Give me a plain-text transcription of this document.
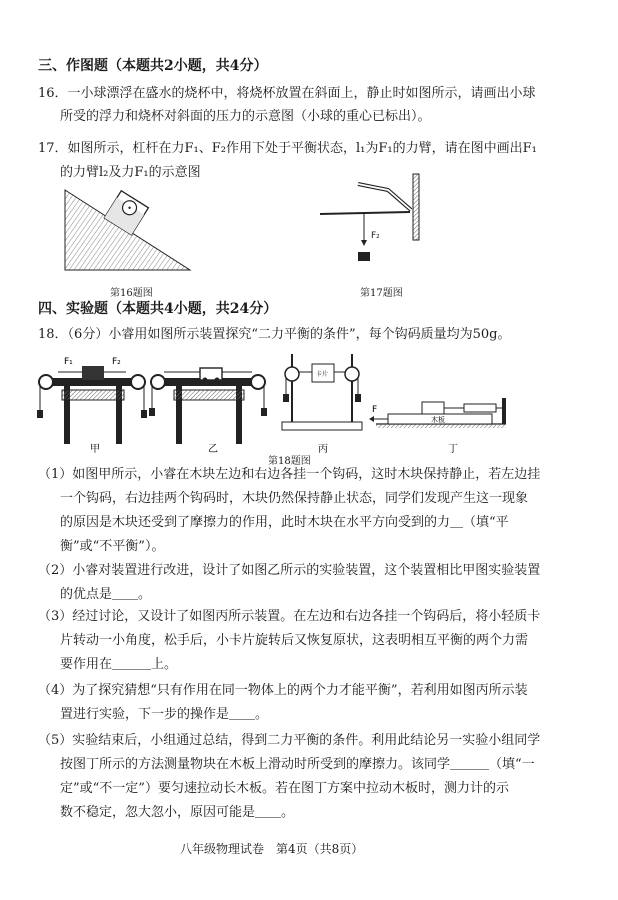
三、作图题（本题共2小题，共4分）
16．一小球漂浮在盛水的烧杯中，将烧杯放置在斜面上，静止时如图所示，请画出小球
所受的浮力和烧杯对斜面的压力的示意图（小球的重心已标出）。
17．如图所示，杠杆在力F₁、F₂作用下处于平衡状态，l₁为F₁的力臂，请在图中画出F₁
的力臂l₂及力F₁的示意图
第16题图
F₂
第17题图
四、实验题（本题共4小题，共24分）
18．（6分）小睿用如图所示装置探究“二力平衡的条件”，每个钩码质量均为50g。
F₁	F₂
甲	乙
卡片
丙
F
木板
丁
第18题图
（1）如图甲所示，小睿在木块左边和右边各挂一个钩码，这时木块保持静止，若左边挂
一个钩码，右边挂两个钩码时，木块仍然保持静止状态，同学们发现产生这一现象
的原因是木块还受到了摩擦力的作用，此时木块在水平方向受到的力＿（填“平
衡”或“不平衡”）。
（2）小睿对装置进行改进，设计了如图乙所示的实验装置，这个装置相比甲图实验装置
的优点是＿＿。
（3）经过讨论，又设计了如图丙所示装置。在左边和右边各挂一个钩码后，将小轻质卡
片转动一小角度，松手后，小卡片旋转后又恢复原状，这表明相互平衡的两个力需
要作用在＿＿＿上。
（4）为了探究猜想“只有作用在同一物体上的两个力才能平衡”，若利用如图丙所示装
置进行实验，下一步的操作是＿＿。
（5）实验结束后，小组通过总结，得到二力平衡的条件。利用此结论另一实验小组同学
按图丁所示的方法测量物块在木板上滑动时所受到的摩擦力。该同学＿＿＿（填“一
定”或“不一定”）要匀速拉动长木板。若在图丁方案中拉动木板时，测力计的示
数不稳定，忽大忽小，原因可能是＿＿。
八年级物理试卷　第4页（共8页）
